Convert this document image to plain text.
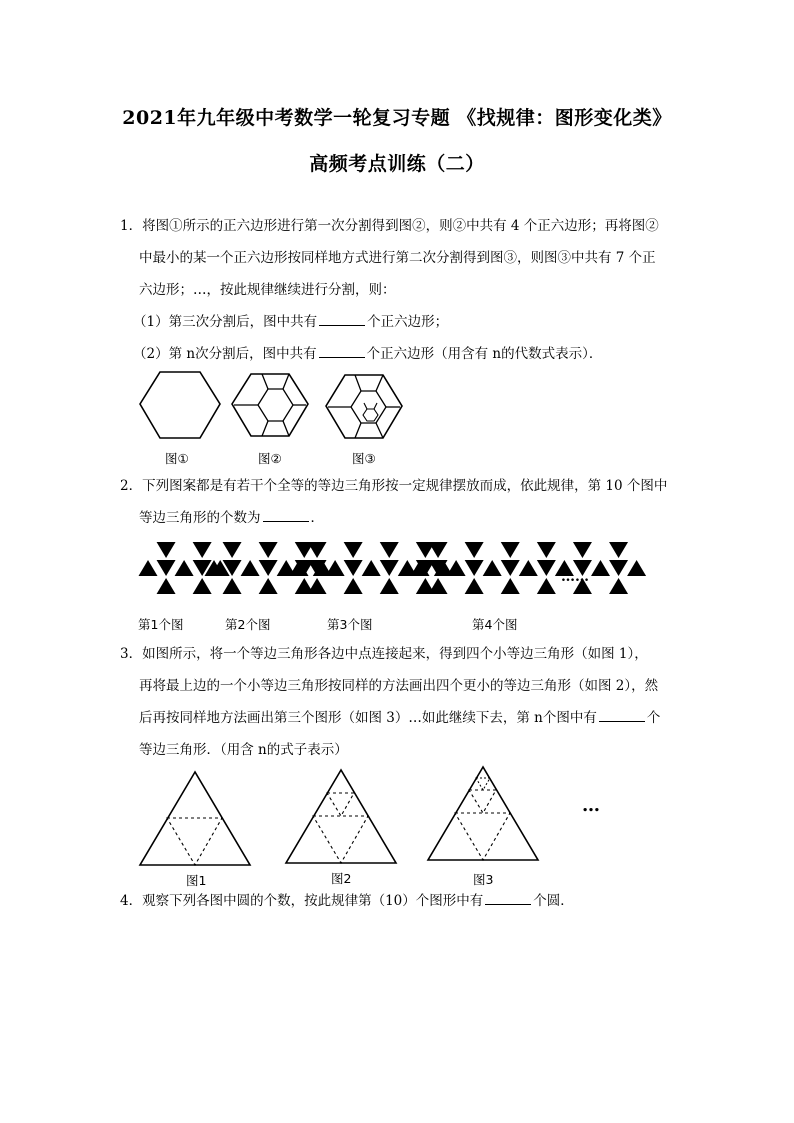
2021年九年级中考数学一轮复习专题 《找规律：图形变化类》
高频考点训练（二）
1．将图①所示的正六边形进行第一次分割得到图②，则②中共有 4 个正六边形；再将图②
中最小的某一个正六边形按同样地方式进行第二次分割得到图③，则图③中共有 7 个正
六边形；…，按此规律继续进行分割，则：
（1）第三次分割后，图中共有	个正六边形；
（2）第 n次分割后，图中共有	个正六边形（用含有 n的代数式表示）．
图①	图②	图③
2．下列图案都是有若干个全等的等边三角形按一定规律摆放而成，依此规律，第 10 个图中
等边三角形的个数为	．
……
第1个图	第2个图	第3个图	第4个图
3．如图所示，将一个等边三角形各边中点连接起来，得到四个小等边三角形（如图 1），
再将最上边的一个小等边三角形按同样的方法画出四个更小的等边三角形（如图 2），然
后再按同样地方法画出第三个图形（如图 3）…如此继续下去，第 n个图中有	个
等边三角形．（用含 n的式子表示）
…
图1	图2	图3
4．观察下列各图中圆的个数，按此规律第（10）个图形中有	个圆．
